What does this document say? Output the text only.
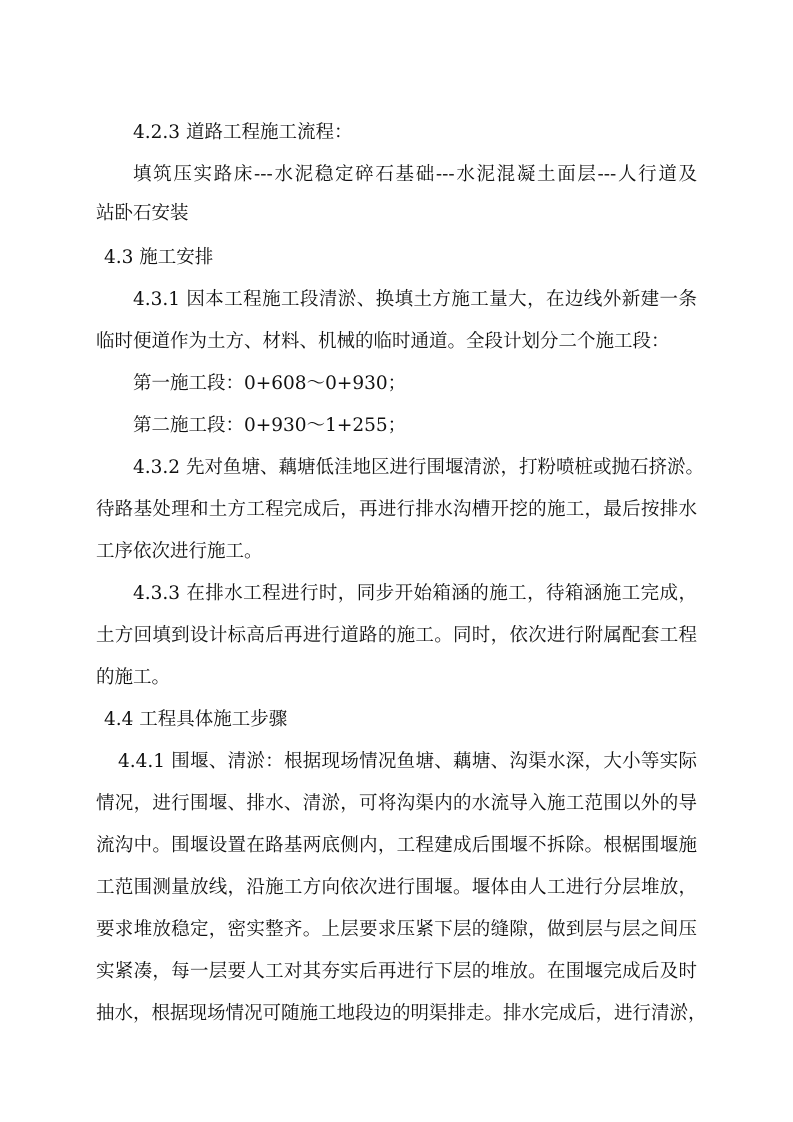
4.2.3 道路工程施工流程：
填筑压实路床---水泥稳定碎石基础---水泥混凝土面层---人行道及
站卧石安装
4.3 施工安排
4.3.1 因本工程施工段清淤、换填土方施工量大，在边线外新建一条
临时便道作为土方、材料、机械的临时通道。全段计划分二个施工段：
第一施工段：0+608～0+930；
第二施工段：0+930～1+255；
4.3.2 先对鱼塘、藕塘低洼地区进行围堰清淤，打粉喷桩或抛石挤淤。
待路基处理和土方工程完成后，再进行排水沟槽开挖的施工，最后按排水
工序依次进行施工。
4.3.3 在排水工程进行时，同步开始箱涵的施工，待箱涵施工完成，
土方回填到设计标高后再进行道路的施工。同时，依次进行附属配套工程
的施工。
4.4 工程具体施工步骤
4.4.1 围堰、清淤：根据现场情况鱼塘、藕塘、沟渠水深，大小等实际
情况，进行围堰、排水、清淤，可将沟渠内的水流导入施工范围以外的导
流沟中。围堰设置在路基两底侧内，工程建成后围堰不拆除。根椐围堰施
工范围测量放线，沿施工方向依次进行围堰。堰体由人工进行分层堆放，
要求堆放稳定，密实整齐。上层要求压紧下层的缝隙，做到层与层之间压
实紧凑，每一层要人工对其夯实后再进行下层的堆放。在围堰完成后及时
抽水，根据现场情况可随施工地段边的明渠排走。排水完成后，进行清淤，
